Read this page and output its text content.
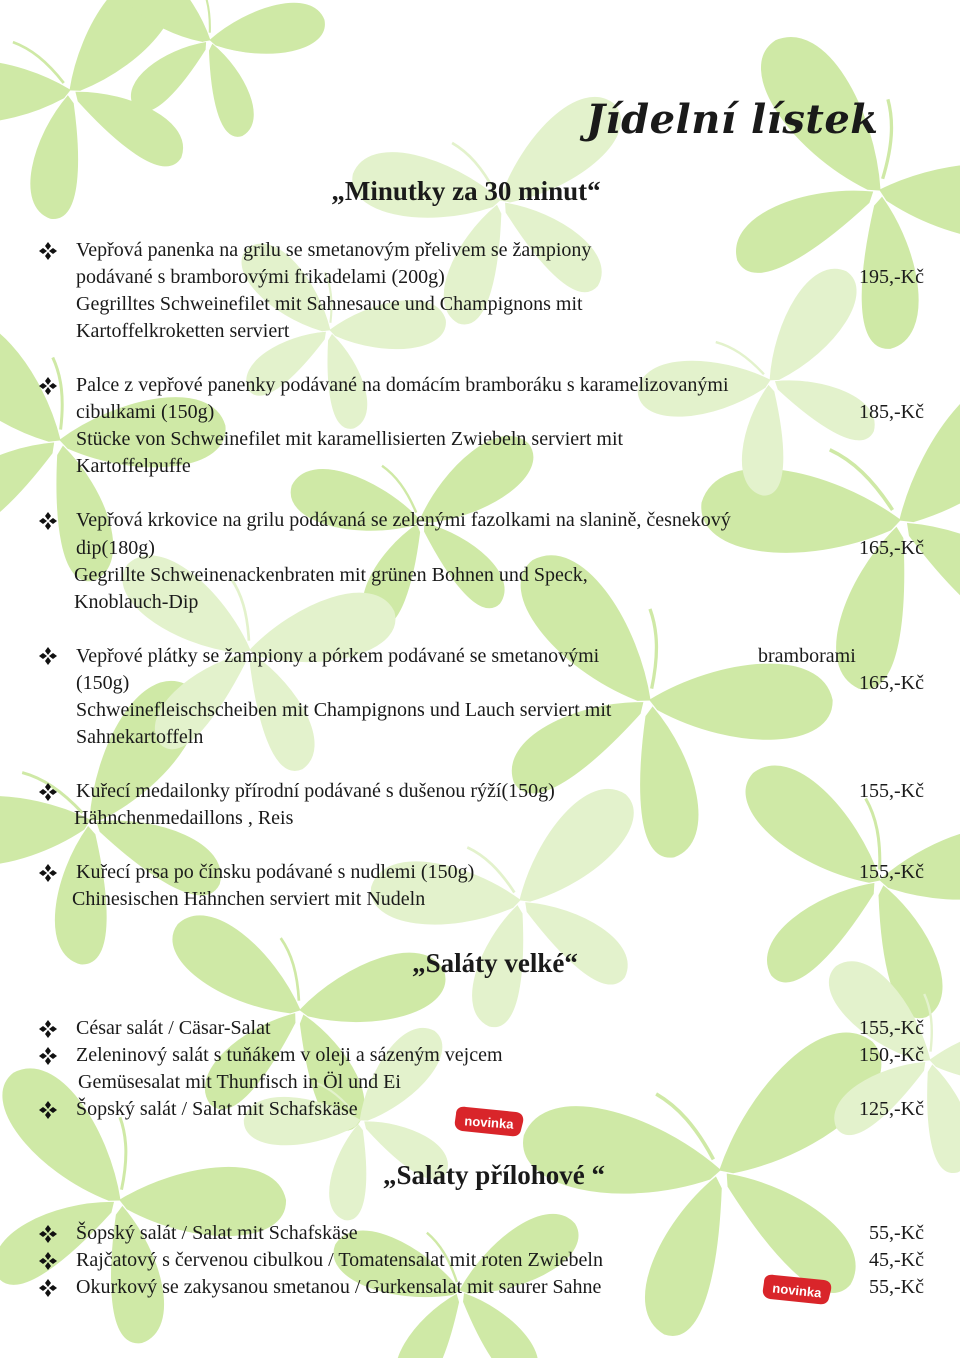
Jídelní lístek
„Minutky za 30 minut“
Vepřová panenka na grilu se smetanovým přelivem se žampiony
podávané s bramborovými frikadelami (200g)
Gegrilltes Schweinefilet mit Sahnesauce und Champignons mit
Kartoffelkroketten serviert
195,-Kč
Palce z vepřové panenky podávané na domácím bramboráku s karamelizovanými
cibulkami (150g)
Stücke von Schweinefilet mit karamellisierten Zwiebeln serviert mit
Kartoffelpuffe
185,-Kč
Vepřová krkovice na grilu podávaná se zelenými fazolkami na slanině, česnekový
dip(180g)
Gegrillte Schweinenackenbraten mit grünen Bohnen und Speck,
Knoblauch-Dip
165,-Kč
Vepřové plátky se žampiony a pórkem podávané se smetanovými	bramborami
(150g)
Schweinefleischscheiben mit Champignons und Lauch serviert mit
Sahnekartoffeln
165,-Kč
Kuřecí medailonky přírodní podávané s dušenou rýží(150g)
Hähnchenmedaillons , Reis
155,-Kč
Kuřecí prsa po čínsku podávané s nudlemi (150g)
Chinesischen Hähnchen serviert mit Nudeln
155,-Kč
„Saláty velké“
César salát / Cäsar-Salat	155,-Kč
Zeleninový salát s tuňákem v oleji a sázeným vejcem
Gemüsesalat mit Thunfisch in Öl und Ei
150,-Kč
Šopský salát / Salat mit Schafskäse
novinka
125,-Kč
„Saláty přílohové “
Šopský salát / Salat mit Schafskäse	55,-Kč
Rajčatový s červenou cibulkou / Tomatensalat mit roten Zwiebeln	45,-Kč
Okurkový se zakysanou smetanou / Gurkensalat mit saurer Sahne	novinka 55,-Kč
